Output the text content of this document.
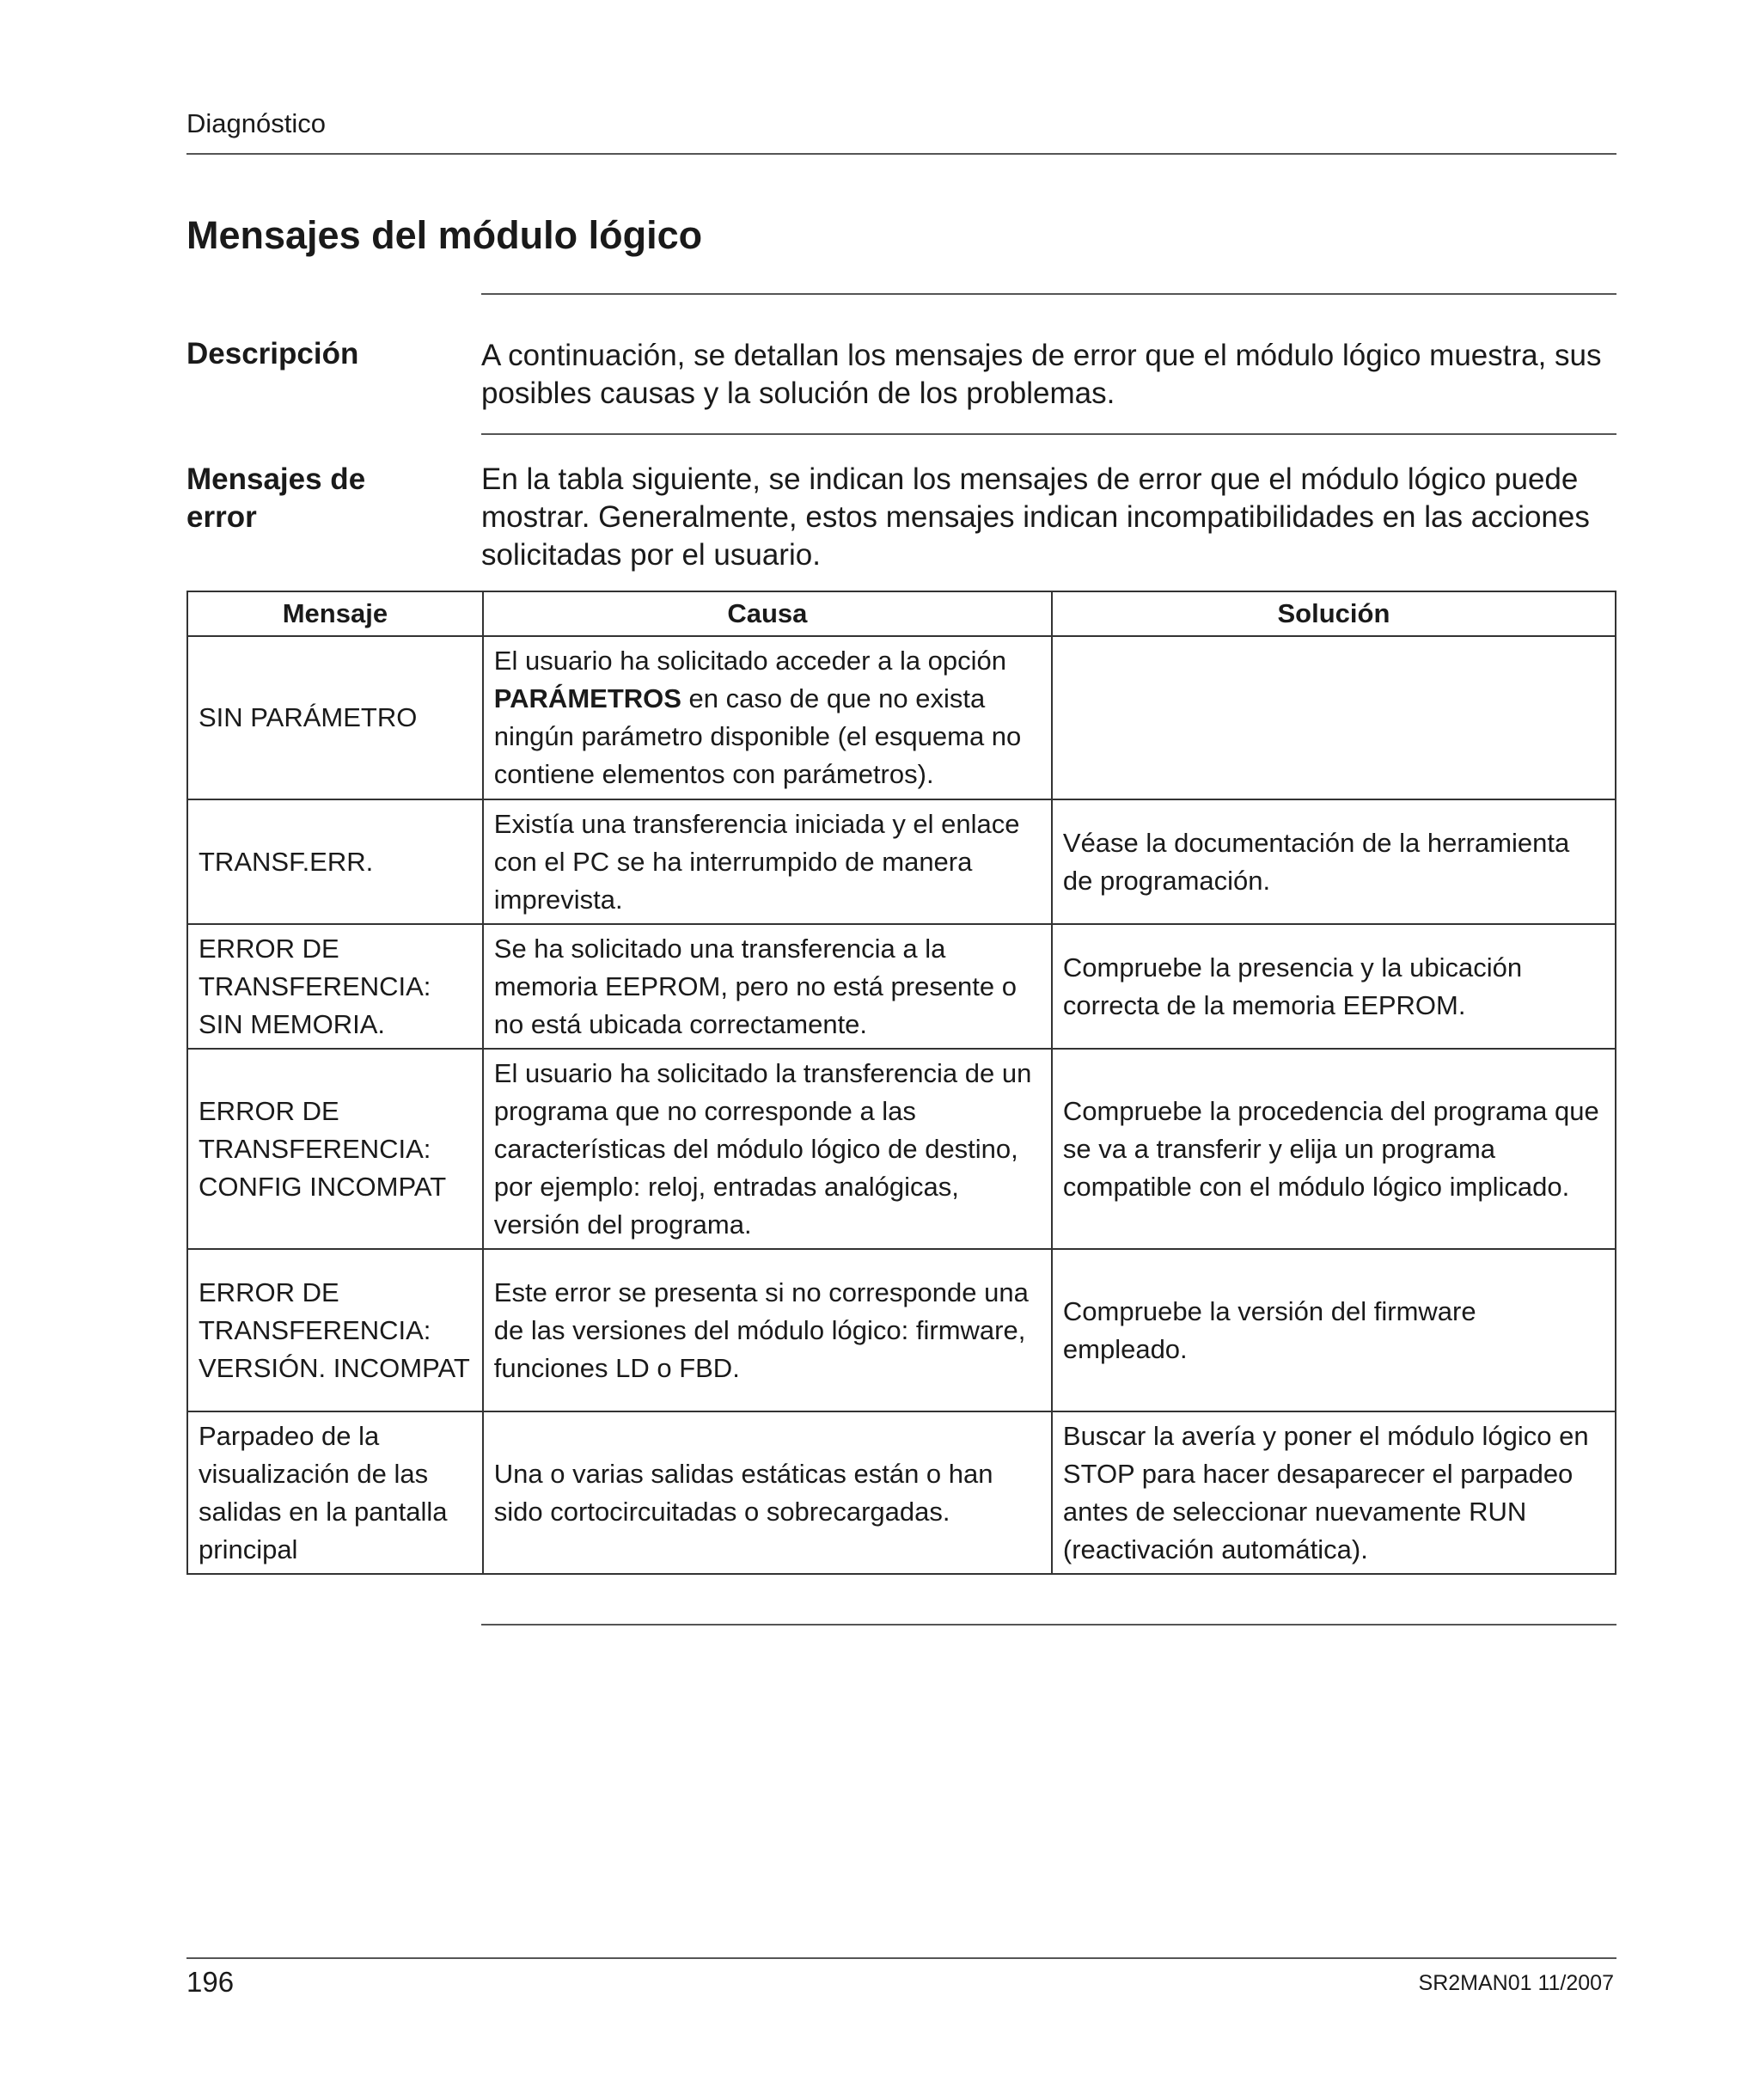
Diagnóstico
Mensajes del módulo lógico
Descripción	A continuación, se detallan los mensajes de error que el módulo lógico muestra, sus posibles causas y la solución de los problemas.
Mensajes de error
En la tabla siguiente, se indican los mensajes de error que el módulo lógico puede mostrar. Generalmente, estos mensajes indican incompatibilidades en las acciones solicitadas por el usuario.
Mensaje	Causa	Solución
SIN PARÁMETRO	El usuario ha solicitado acceder a la opción PARÁMETROS en caso de que no exista ningún parámetro disponible (el esquema no contiene elementos con parámetros).	
TRANSF.ERR.	Existía una transferencia iniciada y el enlace con el PC se ha interrumpido de manera imprevista.	Véase la documentación de la herramienta de programación.
ERROR DE TRANSFERENCIA: SIN MEMORIA.	Se ha solicitado una transferencia a la memoria EEPROM, pero no está presente o no está ubicada correctamente.	Compruebe la presencia y la ubicación correcta de la memoria EEPROM.
ERROR DE TRANSFERENCIA: CONFIG INCOMPAT	El usuario ha solicitado la transferencia de un programa que no corresponde a las características del módulo lógico de destino, por ejemplo: reloj, entradas analógicas, versión del programa.	Compruebe la procedencia del programa que se va a transferir y elija un programa compatible con el módulo lógico implicado.
ERROR DE TRANSFERENCIA: VERSIÓN. INCOMPAT	Este error se presenta si no corresponde una de las versiones del módulo lógico: firmware, funciones LD o FBD.	Compruebe la versión del firmware empleado.
Parpadeo de la visualización de las salidas en la pantalla principal	Una o varias salidas estáticas están o han sido cortocircuitadas o sobrecargadas.	Buscar la avería y poner el módulo lógico en STOP para hacer desaparecer el parpadeo antes de seleccionar nuevamente RUN (reactivación automática).
196	SR2MAN01 11/2007
